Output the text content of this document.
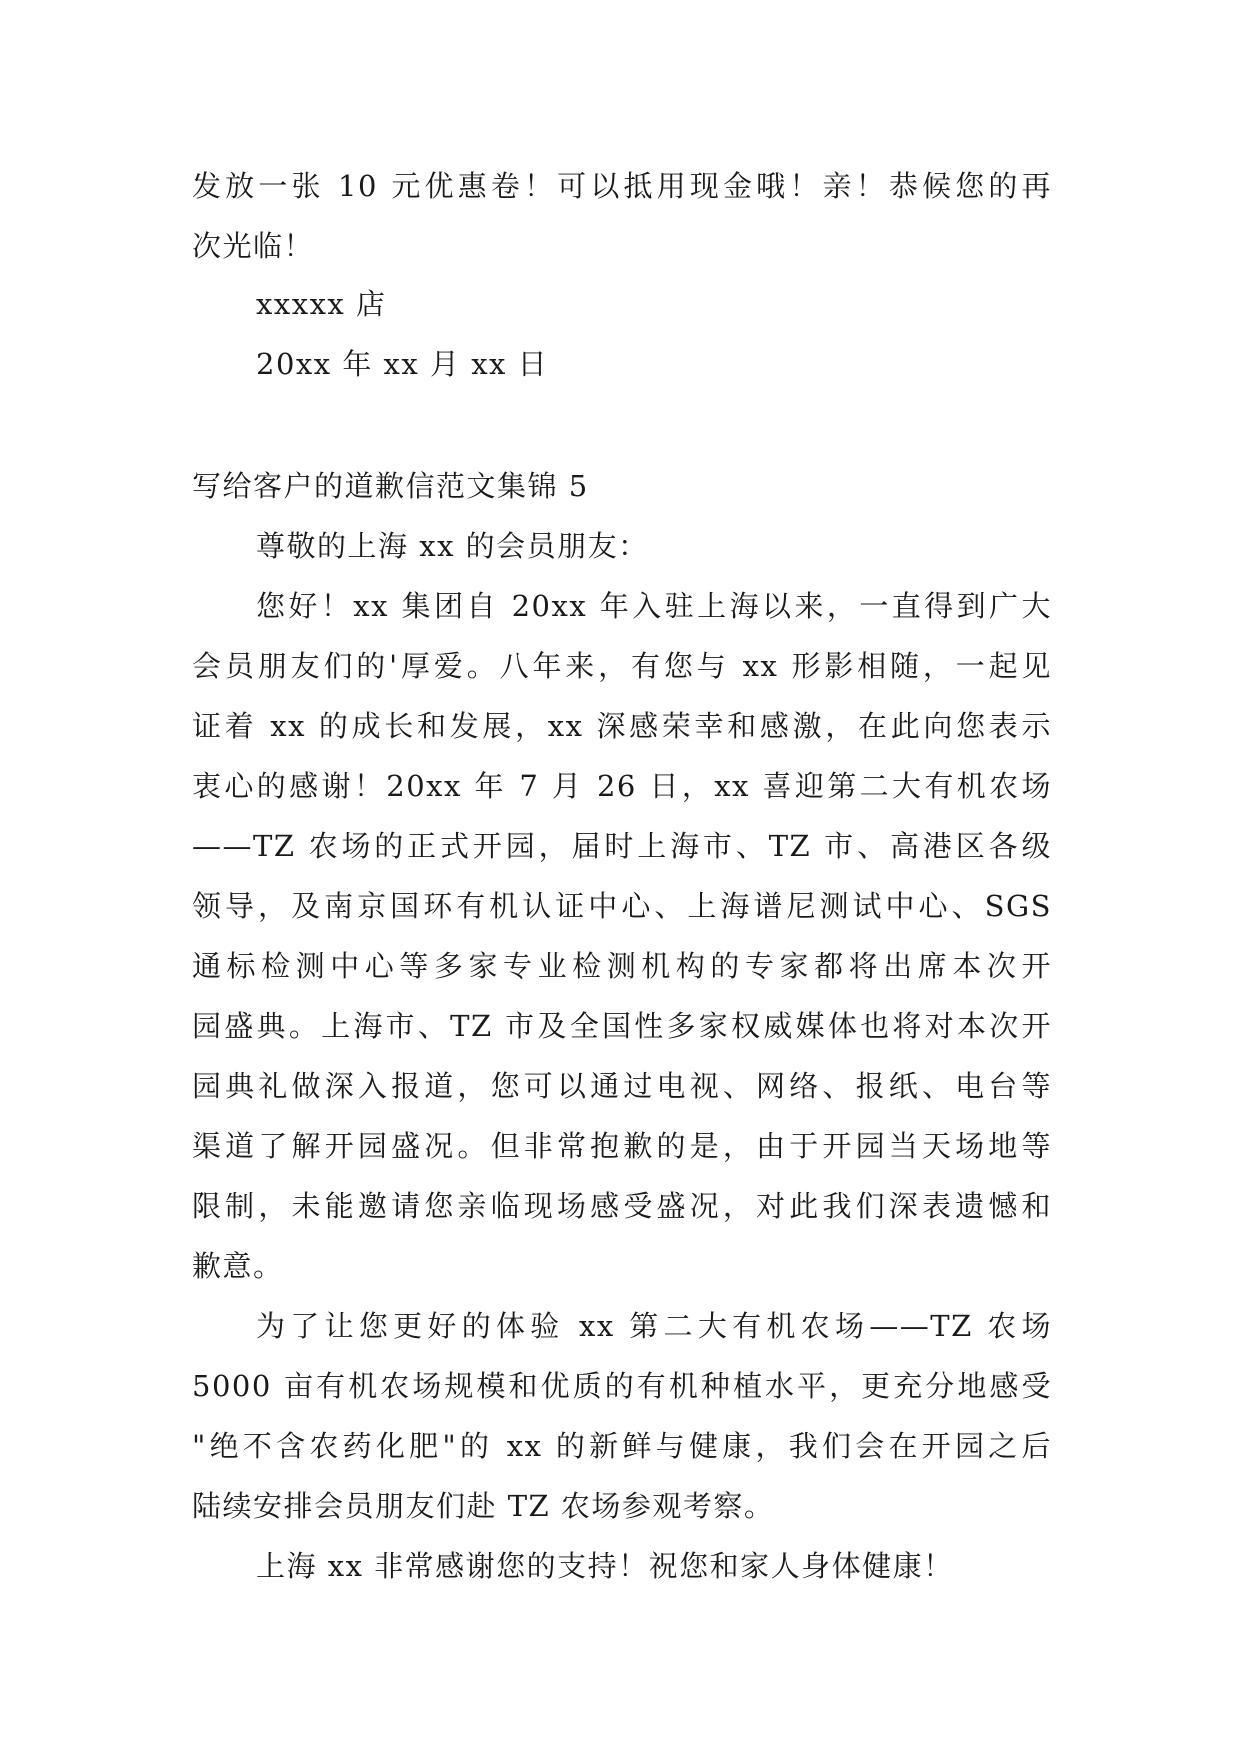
发放一张 10 元优惠卷！可以抵用现金哦！亲！恭候您的再
次光临！
xxxxx 店
20xx 年 xx 月 xx 日
写给客户的道歉信范文集锦 5
尊敬的上海 xx 的会员朋友：
您好！xx 集团自 20xx 年入驻上海以来，一直得到广大
会员朋友们的'厚爱。八年来，有您与 xx 形影相随，一起见
证着 xx 的成长和发展，xx 深感荣幸和感激，在此向您表示
衷心的感谢！20xx 年 7 月 26 日，xx 喜迎第二大有机农场
——TZ 农场的正式开园，届时上海市、TZ 市、高港区各级
领导，及南京国环有机认证中心、上海谱尼测试中心、SGS
通标检测中心等多家专业检测机构的专家都将出席本次开
园盛典。上海市、TZ 市及全国性多家权威媒体也将对本次开
园典礼做深入报道，您可以通过电视、网络、报纸、电台等
渠道了解开园盛况。但非常抱歉的是，由于开园当天场地等
限制，未能邀请您亲临现场感受盛况，对此我们深表遗憾和
歉意。
为了让您更好的体验 xx 第二大有机农场——TZ 农场
5000 亩有机农场规模和优质的有机种植水平，更充分地感受
"绝不含农药化肥"的 xx 的新鲜与健康，我们会在开园之后
陆续安排会员朋友们赴 TZ 农场参观考察。
上海 xx 非常感谢您的支持！祝您和家人身体健康！
